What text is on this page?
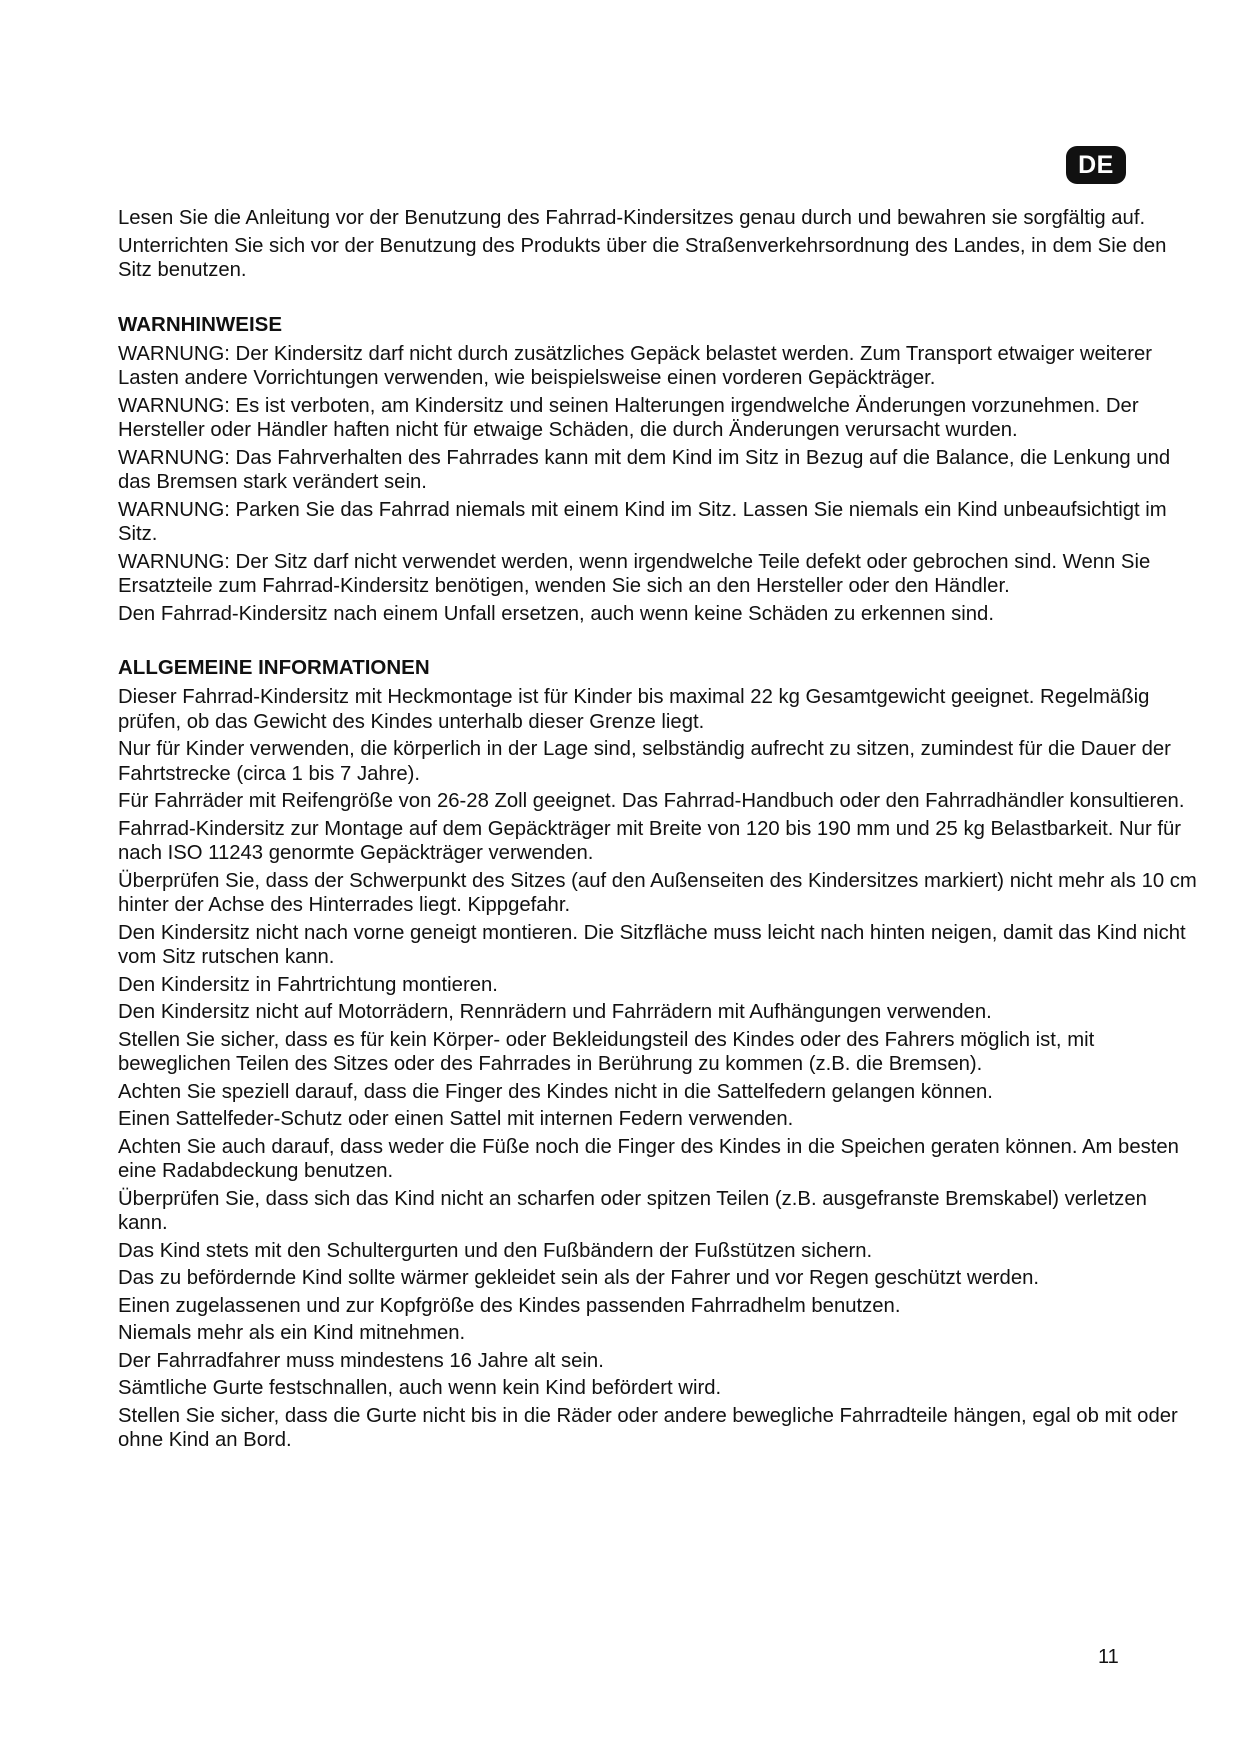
DE

Lesen Sie die Anleitung vor der Benutzung des Fahrrad-Kindersitzes genau durch und bewahren sie sorgfältig auf.

Unterrichten Sie sich vor der Benutzung des Produkts über die Straßenverkehrsordnung des Landes, in dem Sie den Sitz benutzen.

WARNHINWEISE

WARNUNG: Der Kindersitz darf nicht durch zusätzliches Gepäck belastet werden. Zum Transport etwaiger weiterer Lasten andere Vorrichtungen verwenden, wie beispielsweise einen vorderen Gepäckträger.

WARNUNG: Es ist verboten, am Kindersitz und seinen Halterungen irgendwelche Änderungen vorzunehmen. Der Hersteller oder Händler haften nicht für etwaige Schäden, die durch Änderungen verursacht wurden.

WARNUNG: Das Fahrverhalten des Fahrrades kann mit dem Kind im Sitz in Bezug auf die Balance, die Lenkung und das Bremsen stark verändert sein.

WARNUNG: Parken Sie das Fahrrad niemals mit einem Kind im Sitz. Lassen Sie niemals ein Kind unbeaufsichtigt im Sitz.

WARNUNG: Der Sitz darf nicht verwendet werden, wenn irgendwelche Teile defekt oder gebrochen sind. Wenn Sie Ersatzteile zum Fahrrad-Kindersitz benötigen, wenden Sie sich an den Hersteller oder den Händler.

Den Fahrrad-Kindersitz nach einem Unfall ersetzen, auch wenn keine Schäden zu erkennen sind.

ALLGEMEINE INFORMATIONEN

Dieser Fahrrad-Kindersitz mit Heckmontage ist für Kinder bis maximal 22 kg Gesamtgewicht geeignet. Regelmäßig prüfen, ob das Gewicht des Kindes unterhalb dieser Grenze liegt.

Nur für Kinder verwenden, die körperlich in der Lage sind, selbständig aufrecht zu sitzen, zumindest für die Dauer der Fahrtstrecke (circa 1 bis 7 Jahre).

Für Fahrräder mit Reifengröße von 26-28 Zoll geeignet. Das Fahrrad-Handbuch oder den Fahrradhändler konsultieren.

Fahrrad-Kindersitz zur Montage auf dem Gepäckträger mit Breite von 120 bis 190 mm und 25 kg Belastbarkeit. Nur für nach ISO 11243 genormte Gepäckträger verwenden.

Überprüfen Sie, dass der Schwerpunkt des Sitzes (auf den Außenseiten des Kindersitzes markiert) nicht mehr als 10 cm hinter der Achse des Hinterrades liegt. Kippgefahr.

Den Kindersitz nicht nach vorne geneigt montieren. Die Sitzfläche muss leicht nach hinten neigen, damit das Kind nicht vom Sitz rutschen kann.

Den Kindersitz in Fahrtrichtung montieren.

Den Kindersitz nicht auf Motorrädern, Rennrädern und Fahrrädern mit Aufhängungen verwenden.

Stellen Sie sicher, dass es für kein Körper- oder Bekleidungsteil des Kindes oder des Fahrers möglich ist, mit beweglichen Teilen des Sitzes oder des Fahrrades in Berührung zu kommen (z.B. die Bremsen).

Achten Sie speziell darauf, dass die Finger des Kindes nicht in die Sattelfedern gelangen können.

Einen Sattelfeder-Schutz oder einen Sattel mit internen Federn verwenden.

Achten Sie auch darauf, dass weder die Füße noch die Finger des Kindes in die Speichen geraten können. Am besten eine Radabdeckung benutzen.

Überprüfen Sie, dass sich das Kind nicht an scharfen oder spitzen Teilen (z.B. ausgefranste Bremskabel) verletzen kann.

Das Kind stets mit den Schultergurten und den Fußbändern der Fußstützen sichern.

Das zu befördernde Kind sollte wärmer gekleidet sein als der Fahrer und vor Regen geschützt werden.

Einen zugelassenen und zur Kopfgröße des Kindes passenden Fahrradhelm benutzen.

Niemals mehr als ein Kind mitnehmen.

Der Fahrradfahrer muss mindestens 16 Jahre alt sein.

Sämtliche Gurte festschnallen, auch wenn kein Kind befördert wird.

Stellen Sie sicher, dass die Gurte nicht bis in die Räder oder andere bewegliche Fahrradteile hängen, egal ob mit oder ohne Kind an Bord.

11
